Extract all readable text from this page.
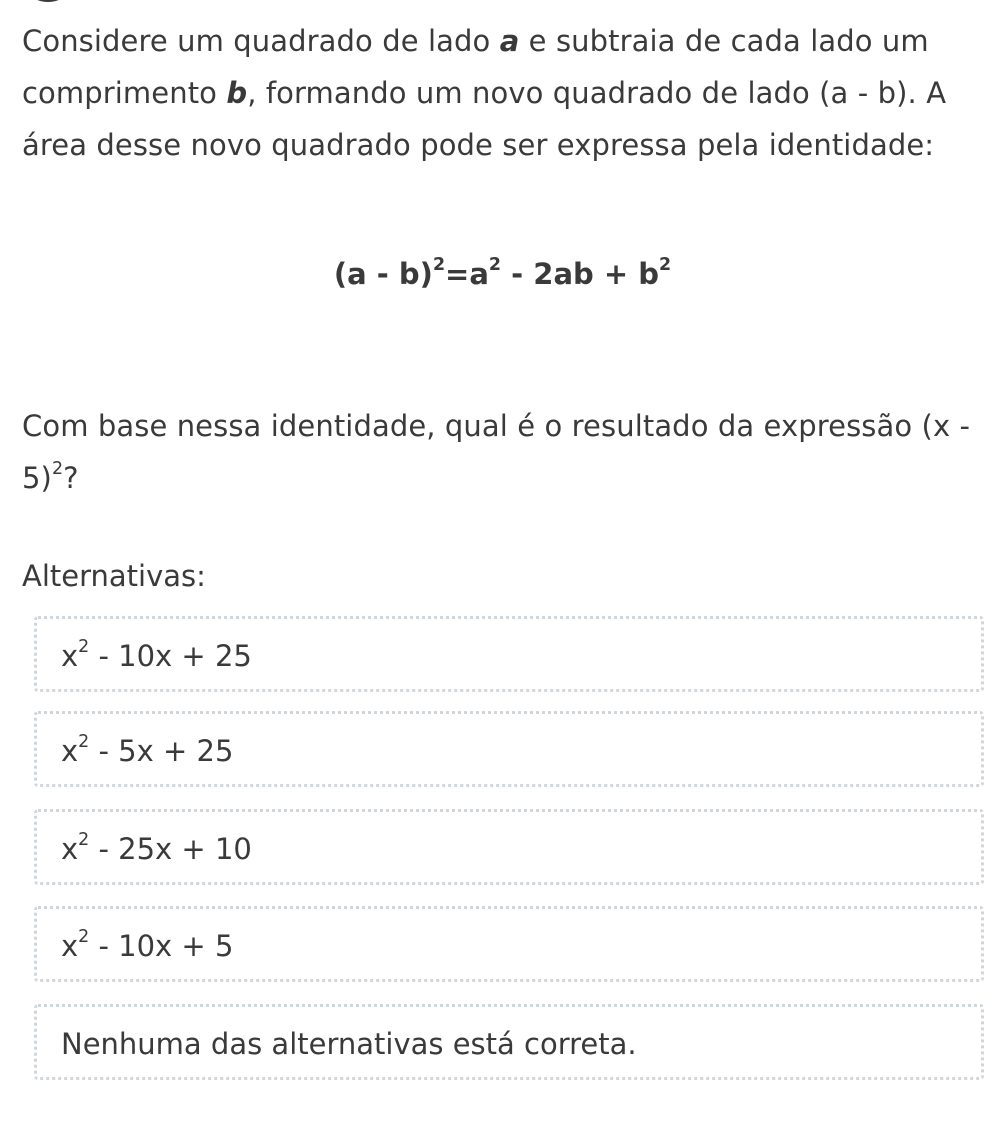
Considere um quadrado de lado a e subtraia de cada lado um comprimento b, formando um novo quadrado de lado (a - b). A área desse novo quadrado pode ser expressa pela identidade:

$(a - b)^2=a^2 - 2ab + b^2$

Com base nessa identidade, qual é o resultado da expressão (x - 5)$^2$?

Alternativas:
$x^2 - 10x + 25$
$x^2 - 5x + 25$
$x^2 - 25x + 10$
$x^2 - 10x + 5$
Nenhuma das alternativas está correta.
